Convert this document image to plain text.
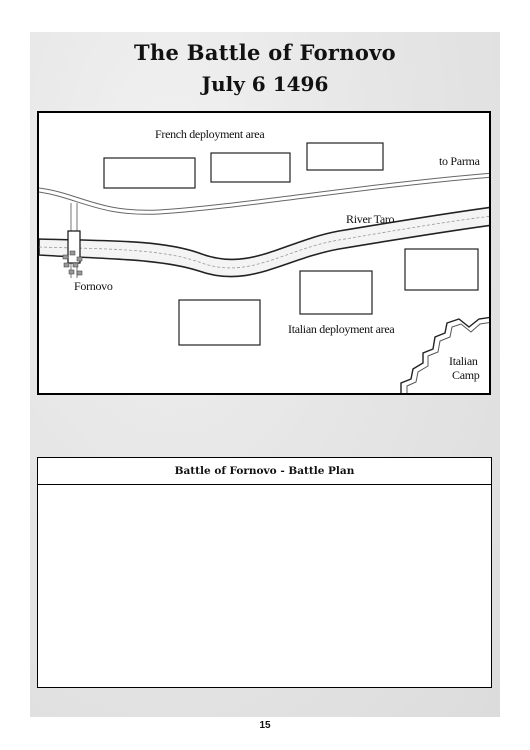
The Battle of Fornovo
July 6 1496
French deployment area
to Parma
River Taro
Fornovo
Italian deployment area
Italian
Camp
Battle of Fornovo - Battle Plan
15
